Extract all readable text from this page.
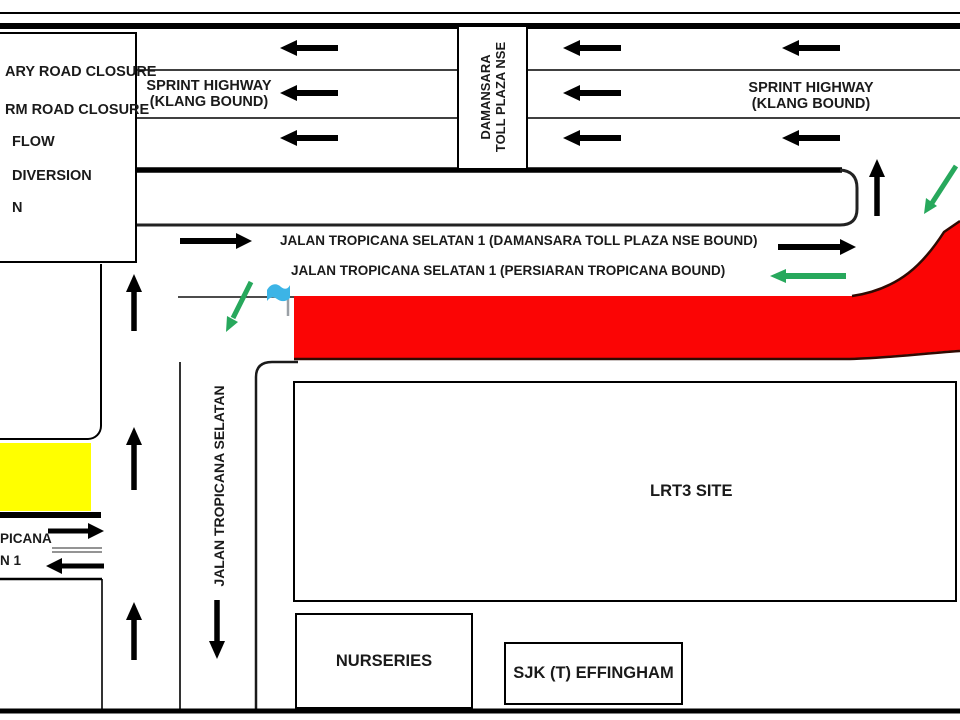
ARY ROAD CLOSURE
RM ROAD CLOSURE
FLOW
DIVERSION
N
SPRINT HIGHWAY
(KLANG BOUND)
SPRINT HIGHWAY
(KLANG BOUND)
DAMANSARA
TOLL PLAZA NSE
JALAN TROPICANA SELATAN 1 (DAMANSARA TOLL PLAZA NSE BOUND)
JALAN TROPICANA SELATAN 1 (PERSIARAN TROPICANA BOUND)
JALAN TROPICANA SELATAN
PICANA
N 1
LRT3 SITE
NURSERIES
SJK (T) EFFINGHAM
